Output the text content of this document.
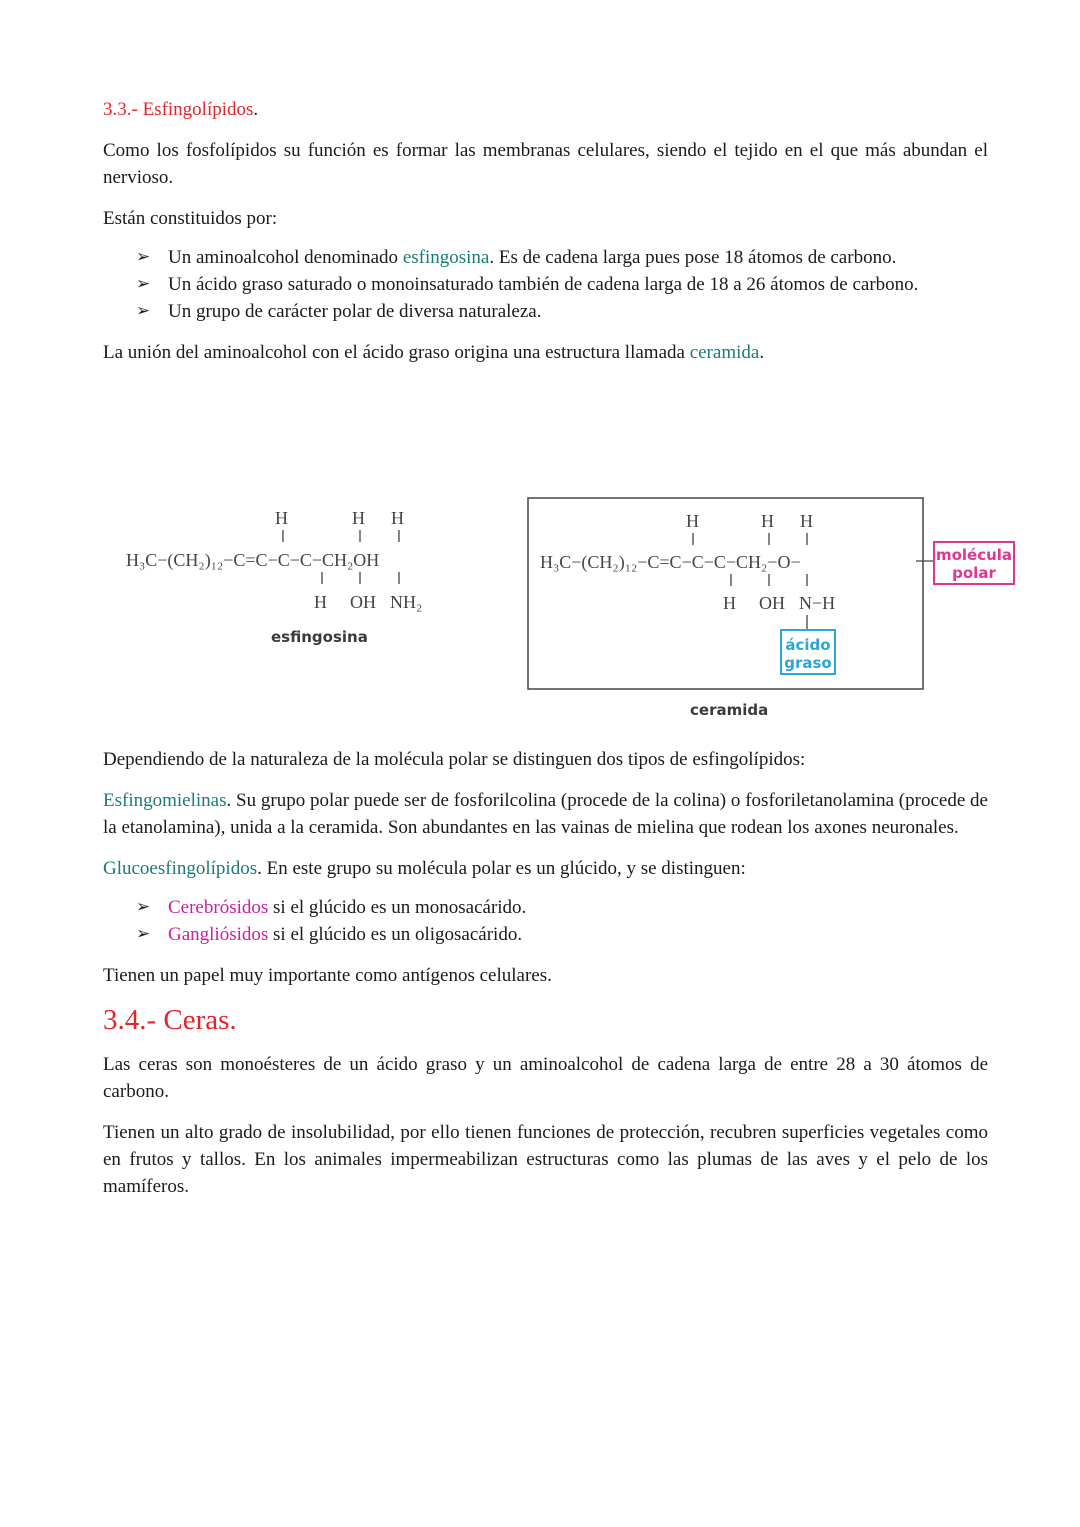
3.3.- Esfingolípidos.

Como los fosfolípidos su función es formar las membranas celulares, siendo el tejido en el que más abundan el nervioso.

Están constituidos por:

➢ Un aminoalcohol denominado esfingosina. Es de cadena larga pues pose 18 átomos de carbono.
➢ Un ácido graso saturado o monoinsaturado también de cadena larga de 18 a 26 átomos de carbono.
➢ Un grupo de carácter polar de diversa naturaleza.

La unión del aminoalcohol con el ácido graso origina una estructura llamada ceramida.

Dependiendo de la naturaleza de la molécula polar se distinguen dos tipos de esfingolípidos:

Esfingomielinas. Su grupo polar puede ser de fosforilcolina (procede de la colina) o fosforiletanolamina (procede de la etanolamina), unida a la ceramida. Son abundantes en las vainas de mielina que rodean los axones neuronales.

Glucoesfingolípidos. En este grupo su molécula polar es un glúcido, y se distinguen:

➢ Cerebrósidos si el glúcido es un monosacárido.
➢ Gangliósidos si el glúcido es un oligosacárido.

Tienen un papel muy importante como antígenos celulares.

3.4.- Ceras.

Las ceras son monoésteres de un ácido graso y un aminoalcohol de cadena larga de entre 28 a 30 átomos de carbono.

Tienen un alto grado de insolubilidad, por ello tienen funciones de protección, recubren superficies vegetales como en frutos y tallos. En los animales impermeabilizan estructuras como las plumas de las aves y el pelo de los mamíferos.

H	H H
H₃C−(CH₂)₁₂−C=C−C−C−CH₂OH
H OH NH₂
esfingosina
H	H H
H₃C−(CH₂)₁₂−C=C−C−C−CH₂−O−
H OH N−H
ácido
graso
ceramida
molécula
polar
